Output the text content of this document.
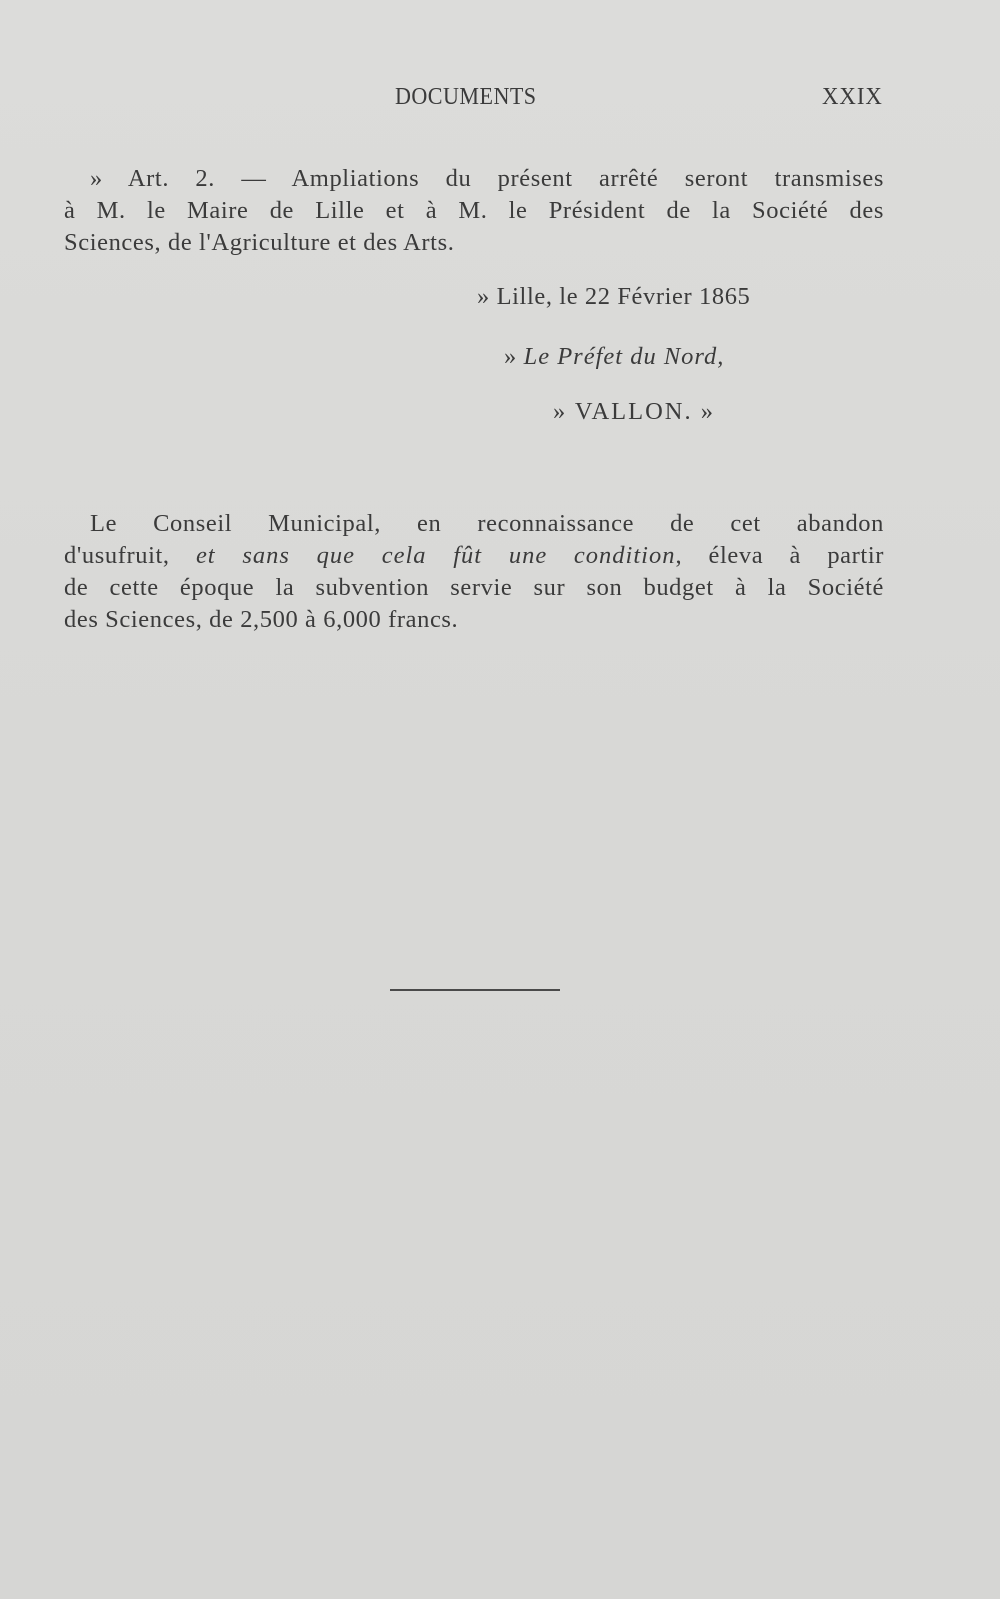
DOCUMENTS	XXIX
» Art. 2. — Ampliations du présent arrêté seront transmises
à M. le Maire de Lille et à M. le Président de la Société des
Sciences, de l'Agriculture et des Arts.
» Lille, le 22 Février 1865
» Le Préfet du Nord,
» VALLON. »
Le Conseil Municipal, en reconnaissance de cet abandon
d'usufruit, et sans que cela fût une condition, éleva à partir
de cette époque la subvention servie sur son budget à la Société
des Sciences, de 2,500 à 6,000 francs.
